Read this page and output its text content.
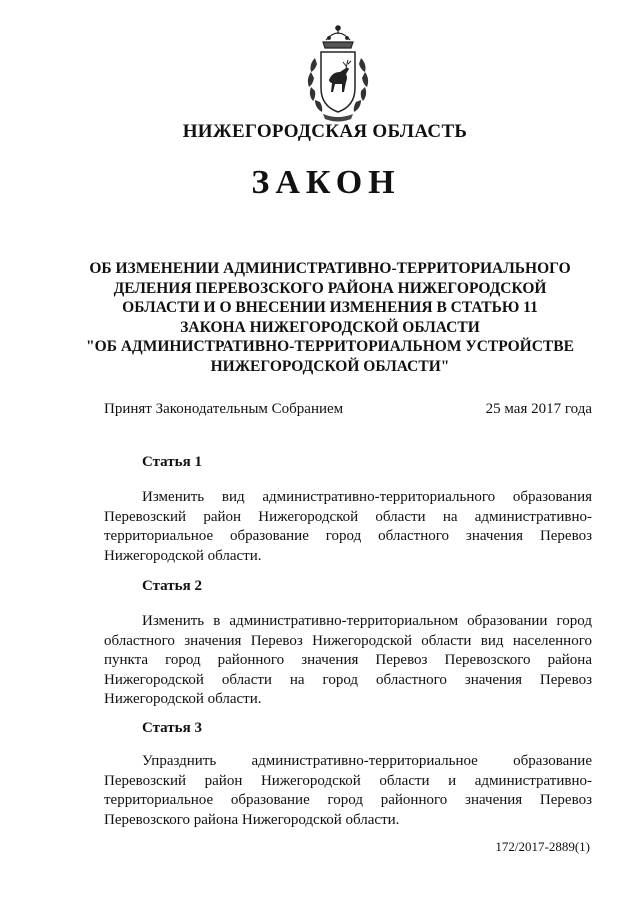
НИЖЕГОРОДСКАЯ ОБЛАСТЬ
ЗАКОН
ОБ ИЗМЕНЕНИИ АДМИНИСТРАТИВНО-ТЕРРИТОРИАЛЬНОГО
ДЕЛЕНИЯ ПЕРЕВОЗСКОГО РАЙОНА НИЖЕГОРОДСКОЙ
ОБЛАСТИ И О ВНЕСЕНИИ ИЗМЕНЕНИЯ В СТАТЬЮ 11
ЗАКОНА НИЖЕГОРОДСКОЙ ОБЛАСТИ
"ОБ АДМИНИСТРАТИВНО-ТЕРРИТОРИАЛЬНОМ УСТРОЙСТВЕ
НИЖЕГОРОДСКОЙ ОБЛАСТИ"
Принят Законодательным Собранием	25 мая 2017 года
Статья 1

Изменить вид административно-территориального образования Перевозский район Нижегородской области на административно-территориальное образование город областного значения Перевоз Нижегородской области.

Статья 2

Изменить в административно-территориальном образовании город областного значения Перевоз Нижегородской области вид населенного пункта город районного значения Перевоз Перевозского района Нижегородской области на город областного значения Перевоз Нижегородской области.

Статья 3

Упразднить административно-территориальное образование Перевозский район Нижегородской области и административно-территориальное образование город районного значения Перевоз Перевозского района Нижегородской области.

172/2017-2889(1)
